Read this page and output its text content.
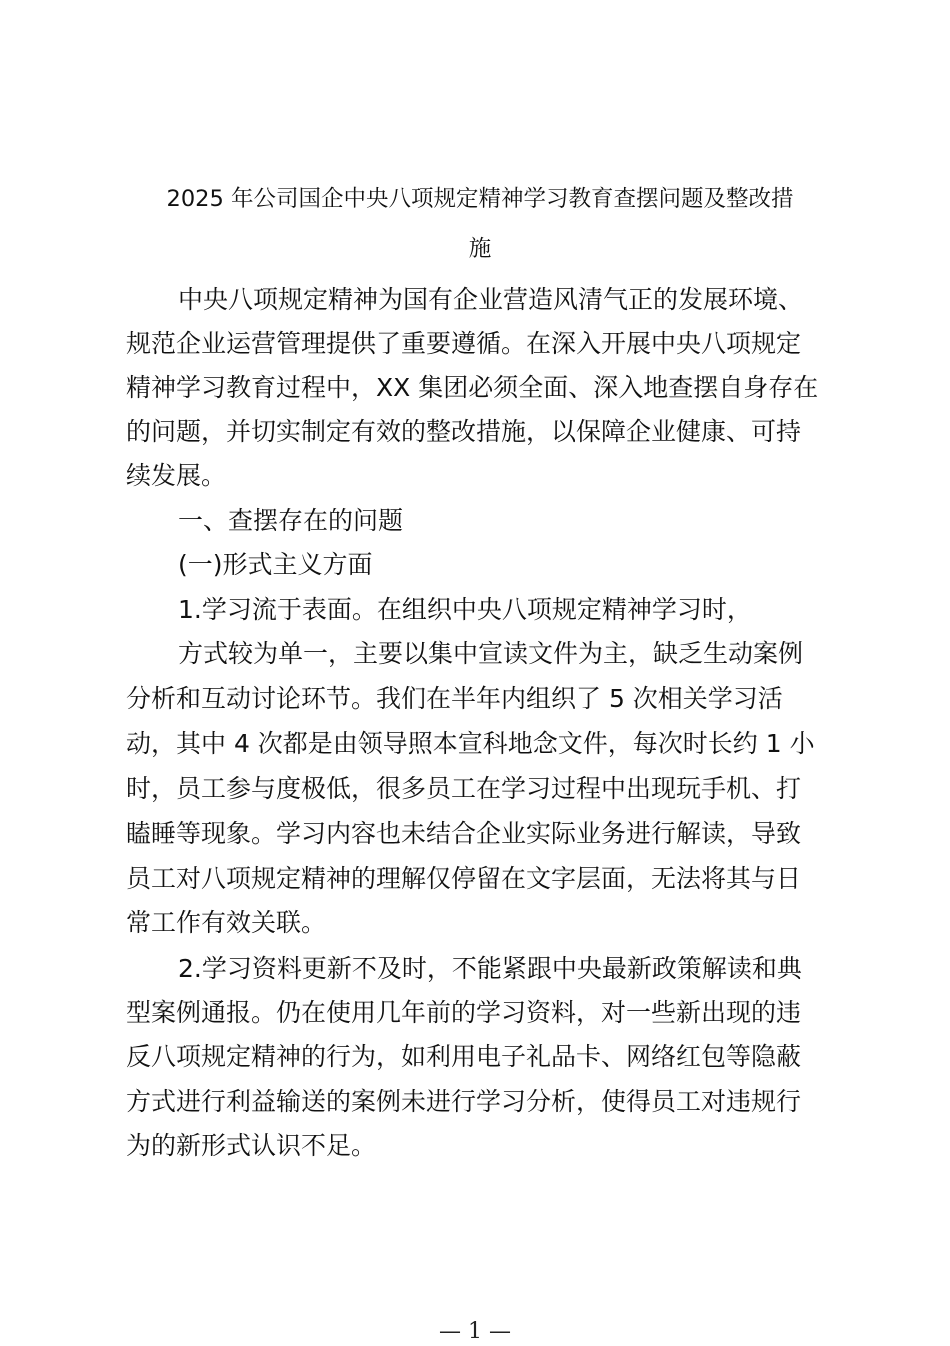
2025 年公司国企中央八项规定精神学习教育查摆问题及整改措
施
中央八项规定精神为国有企业营造风清气正的发展环境、
规范企业运营管理提供了重要遵循。在深入开展中央八项规定
精神学习教育过程中，XX 集团必须全面、深入地查摆自身存在
的问题，并切实制定有效的整改措施，以保障企业健康、可持
续发展。
一、查摆存在的问题
(一)形式主义方面
1.学习流于表面。在组织中央八项规定精神学习时，
方式较为单一，主要以集中宣读文件为主，缺乏生动案例
分析和互动讨论环节。我们在半年内组织了 5 次相关学习活
动，其中 4 次都是由领导照本宣科地念文件，每次时长约 1 小
时，员工参与度极低，很多员工在学习过程中出现玩手机、打
瞌睡等现象。学习内容也未结合企业实际业务进行解读，导致
员工对八项规定精神的理解仅停留在文字层面，无法将其与日
常工作有效关联。
2.学习资料更新不及时，不能紧跟中央最新政策解读和典
型案例通报。仍在使用几年前的学习资料，对一些新出现的违
反八项规定精神的行为，如利用电子礼品卡、网络红包等隐蔽
方式进行利益输送的案例未进行学习分析，使得员工对违规行
为的新形式认识不足。
— 1 —
